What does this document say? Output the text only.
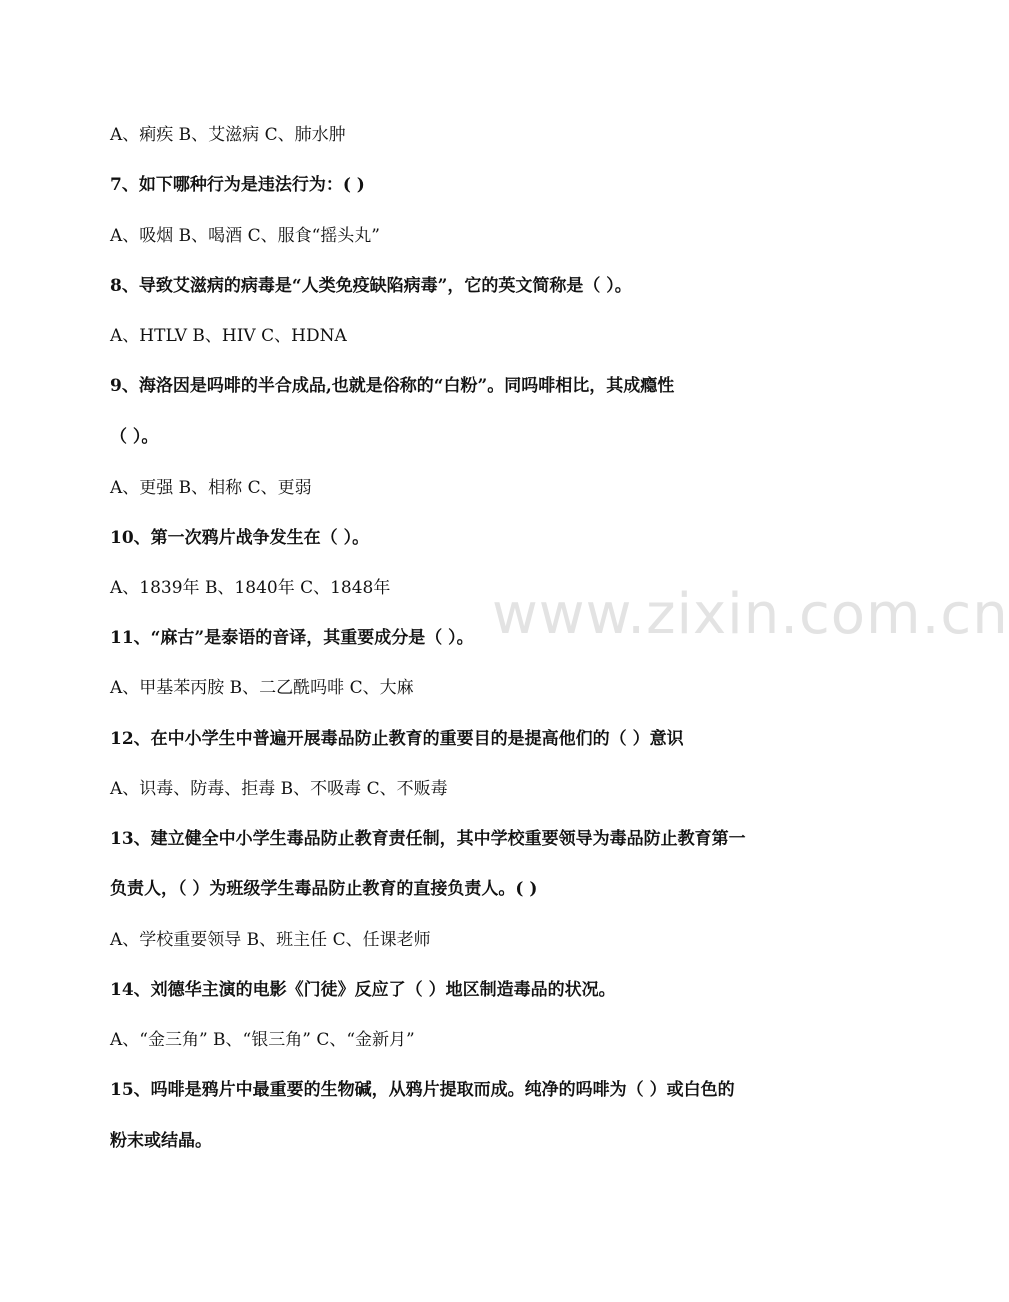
www.zixin.com.cn
A、痢疾 B、艾滋病 C、肺水肿
7、如下哪种行为是违法行为：( )
A、吸烟 B、喝酒 C、服食“摇头丸”
8、导致艾滋病的病毒是“人类免疫缺陷病毒”，它的英文简称是（ ）。
A、HTLV B、HIV C、HDNA
9、海洛因是吗啡的半合成品,也就是俗称的“白粉”。同吗啡相比，其成瘾性
（ ）。
A、更强 B、相称 C、更弱
10、第一次鸦片战争发生在（ ）。
A、1839年 B、1840年 C、1848年
11、“麻古”是泰语的音译，其重要成分是（ ）。
A、甲基苯丙胺 B、二乙酰吗啡 C、大麻
12、在中小学生中普遍开展毒品防止教育的重要目的是提高他们的（ ）意识
A、识毒、防毒、拒毒 B、不吸毒 C、不贩毒
13、建立健全中小学生毒品防止教育责任制，其中学校重要领导为毒品防止教育第一
负责人，（ ）为班级学生毒品防止教育的直接负责人。( )
A、学校重要领导 B、班主任 C、任课老师
14、刘德华主演的电影《门徒》反应了（ ）地区制造毒品的状况。
A、“金三角” B、“银三角” C、“金新月”
15、吗啡是鸦片中最重要的生物碱，从鸦片提取而成。纯净的吗啡为（ ）或白色的
粉末或结晶。
